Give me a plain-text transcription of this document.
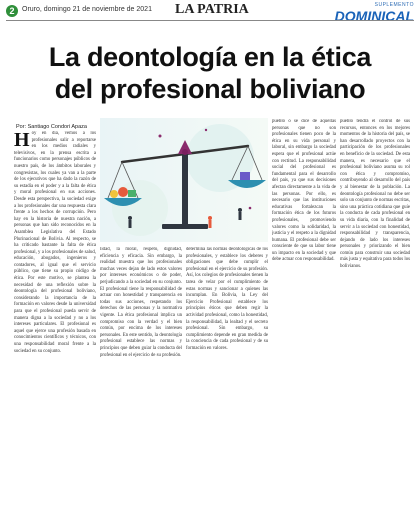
2	Oruro, domingo 21 de noviembre de 2021 LA PATRIA	SUPLEMENTO
DOMINICAL
La deontología en la ética
del profesional boliviano
Por: Santiago Condori Apaza
H oy en día, vemos a los profesionales salir a reportarse en los medios radiales y televisivos, en la prensa escrita a funcionarios como personajes públicos de nuestro país, de los ámbitos laborales y congresistas, los cuales ya van a la parte de los ejecutivos que ha dado la razón de su estadía en el poder y a la falta de ética y moral profesional en sus acciones. Desde esta perspectiva, la sociedad exige a los profesionales dar una respuesta clara frente a los hechos de corrupción. Pero hay en la historia de nuestra nación, a personas que han sido reconocidos en la Asamblea Legislativa del Estado Plurinacional de Bolivia. Al respecto, se ha criticado bastante la falta de ética profesional, y a los profesionales de salud, educación, abogados, ingenieros y contadores, al igual que el servicio público, que tiene su propio código de ética. Por este motivo, se plantea la necesidad de una reflexión sobre la deontología del profesional boliviano, considerando la importancia de la formación en valores desde la universidad para que el profesional pueda servir de manera digna a la sociedad y no a los intereses particulares. El profesional es aquel que ejerce una profesión basada en conocimientos científicos y técnicos, con una responsabilidad moral frente a la sociedad en su conjunto.
lidad, la moral, respeto, dignidad, eficiencia y eficacia. Sin embargo, la realidad muestra que los profesionales muchas veces dejan de lado estos valores por intereses económicos o de poder, perjudicando a la sociedad en su conjunto. El profesional tiene la responsabilidad de actuar con honestidad y transparencia en todas sus acciones, respetando los derechos de las personas y la normativa vigente. La ética profesional implica un compromiso con la verdad y el bien común, por encima de los intereses personales. En este sentido, la deontología profesional establece las normas y principios que deben guiar la conducta del profesional en el ejercicio de su profesión.
determina las normas deontológicas de los profesionales, y establece los deberes y obligaciones que debe cumplir el profesional en el ejercicio de su profesión. Así, los colegios de profesionales tienen la tarea de velar por el cumplimiento de estas normas y sancionar a quienes las incumplan. En Bolivia, la Ley del Ejercicio Profesional establece los principios éticos que deben regir la actividad profesional, como la honestidad, la responsabilidad, la lealtad y el secreto profesional. Sin embargo, su cumplimiento depende en gran medida de la conciencia de cada profesional y de su formación en valores.
pueblo o se dice de aquellas personas que no son profesionales tienen poco de la ética en su vida personal y laboral, sin embargo la sociedad espera que el profesional actúe con rectitud. La responsabilidad social del profesional es fundamental para el desarrollo del país, ya que sus decisiones afectan directamente a la vida de las personas. Por ello, es necesario que las instituciones educativas fortalezcan la formación ética de los futuros profesionales, promoviendo valores como la solidaridad, la justicia y el respeto a la dignidad humana. El profesional debe ser consciente de que su labor tiene un impacto en la sociedad y que debe actuar con responsabilidad.
pueblo tendrá el control de sus recursos, entonces en los mejores momentos de la historia del país, se han desarrollado proyectos con la participación de los profesionales en beneficio de la sociedad. De esta manera, es necesario que el profesional boliviano asuma su rol con ética y compromiso, contribuyendo al desarrollo del país y al bienestar de la población. La deontología profesional no debe ser solo un conjunto de normas escritas, sino una práctica cotidiana que guíe la conducta de cada profesional en su vida diaria, con la finalidad de servir a la sociedad con honestidad, responsabilidad y transparencia, dejando de lado los intereses personales y priorizando el bien común para construir una sociedad más justa y equitativa para todos los bolivianos.
